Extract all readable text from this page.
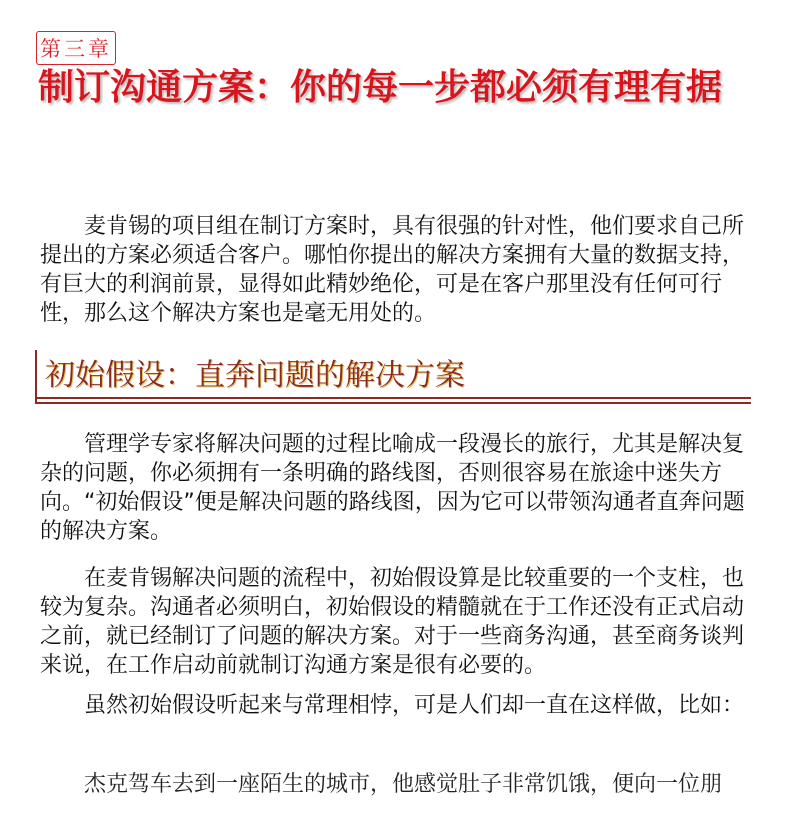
第三章
制订沟通方案：你的每一步都必须有理有据
麦肯锡的项目组在制订方案时，具有很强的针对性，他们要求自己所提出的方案必须适合客户。哪怕你提出的解决方案拥有大量的数据支持，有巨大的利润前景，显得如此精妙绝伦，可是在客户那里没有任何可行性，那么这个解决方案也是毫无用处的。
初始假设：直奔问题的解决方案
管理学专家将解决问题的过程比喻成一段漫长的旅行，尤其是解决复杂的问题，你必须拥有一条明确的路线图，否则很容易在旅途中迷失方向。“初始假设”便是解决问题的路线图，因为它可以带领沟通者直奔问题的解决方案。
在麦肯锡解决问题的流程中，初始假设算是比较重要的一个支柱，也较为复杂。沟通者必须明白，初始假设的精髓就在于工作还没有正式启动之前，就已经制订了问题的解决方案。对于一些商务沟通，甚至商务谈判来说，在工作启动前就制订沟通方案是很有必要的。
虽然初始假设听起来与常理相悖，可是人们却一直在这样做，比如：
杰克驾车去到一座陌生的城市，他感觉肚子非常饥饿，便向一位朋
